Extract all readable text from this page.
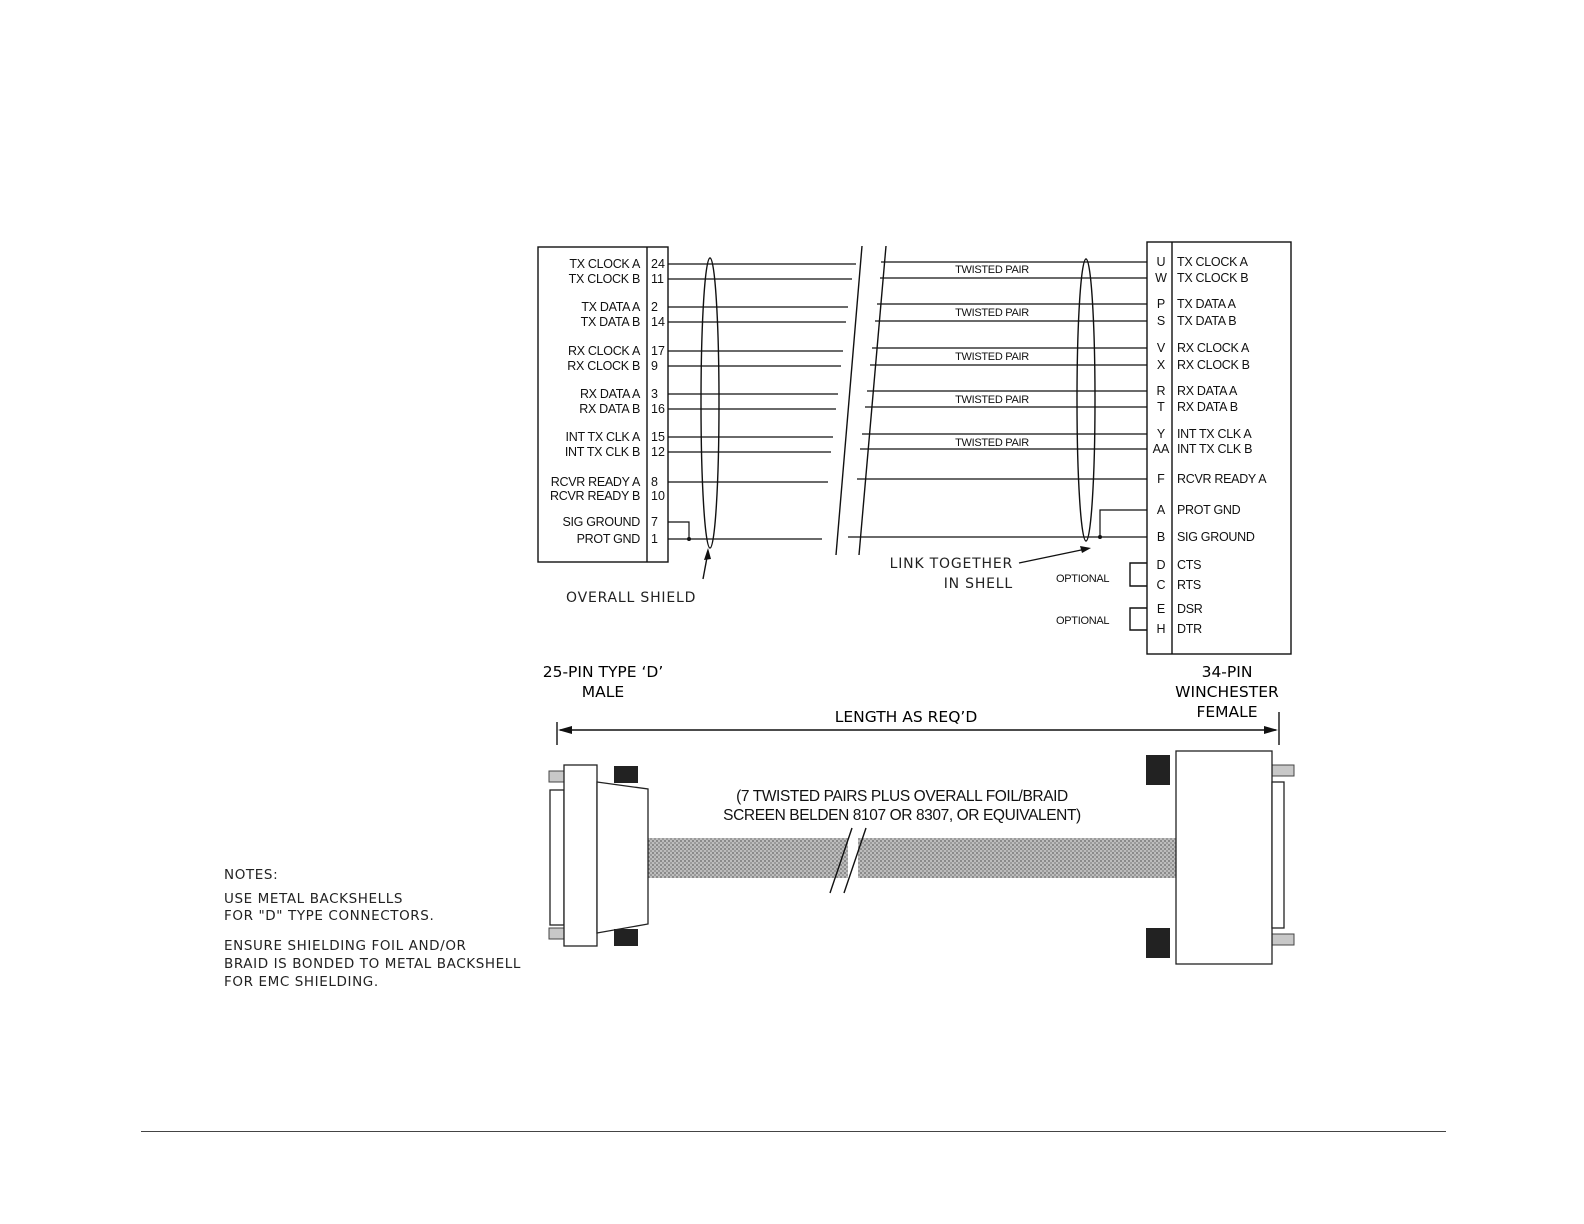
TX CLOCK A 24
TX CLOCK B 11
TX DATA A 2
TX DATA B 14
RX CLOCK A 17
RX CLOCK B 9
RX DATA A 3
RX DATA B 16
INT TX CLK A 15
INT TX CLK B 12
RCVR READY A 8
RCVR READY B 10
SIG GROUND 7
PROT GND 1
U TX CLOCK A
W TX CLOCK B
P TX DATA A
S TX DATA B
V RX CLOCK A
X RX CLOCK B
R RX DATA A
T RX DATA B
Y INT TX CLK A
AA INT TX CLK B
F RCVR READY A
A PROT GND
B SIG GROUND
D CTS
C RTS
E DSR
H DTR
TWISTED PAIR
TWISTED PAIR
TWISTED PAIR
TWISTED PAIR
TWISTED PAIR
OVERALL SHIELD
LINK TOGETHER
IN SHELL	OPTIONAL
OPTIONAL
25-PIN TYPE ‘D’
MALE
34-PIN
WINCHESTER
FEMALE
LENGTH AS REQ’D
(7 TWISTED PAIRS PLUS OVERALL FOIL/BRAID
SCREEN BELDEN 8107 OR 8307, OR EQUIVALENT)
NOTES:
USE METAL BACKSHELLS
FOR "D" TYPE CONNECTORS.
ENSURE SHIELDING FOIL AND/OR
BRAID IS BONDED TO METAL BACKSHELL
FOR EMC SHIELDING.
